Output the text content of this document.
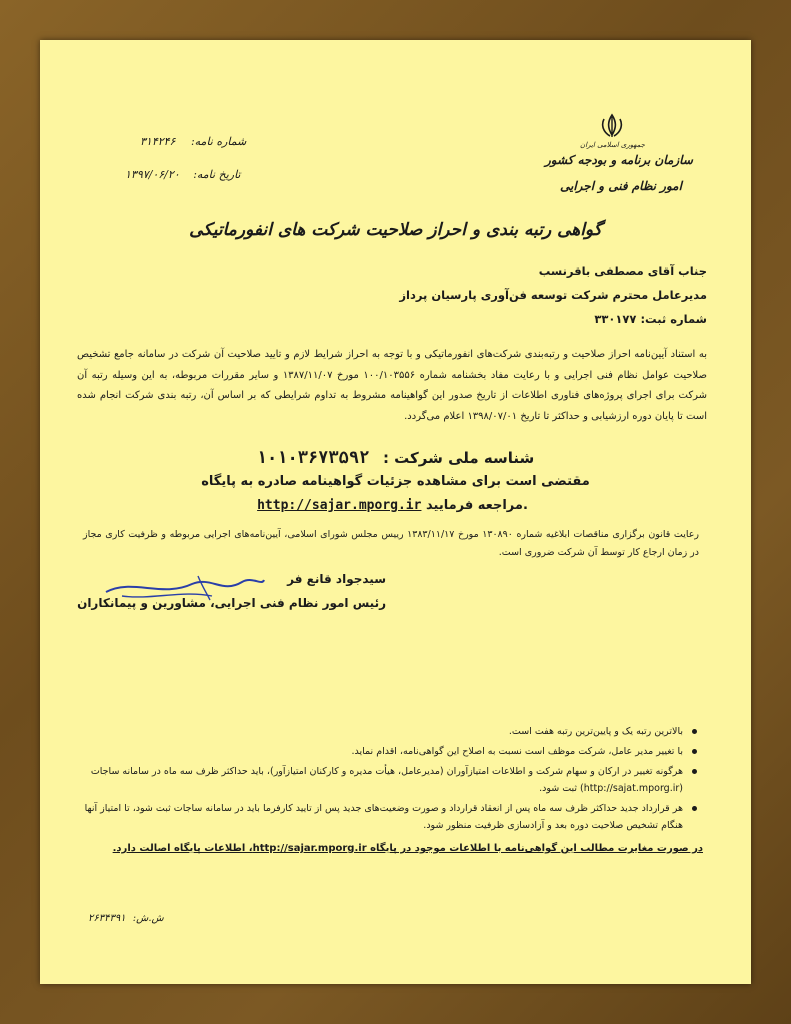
جمهوری اسلامی ایران
سازمان برنامه و بودجه کشور
امور نظام فنی و اجرایی
شماره نامه: ۳۱۴۲۴۶
تاریخ نامه: ۱۳۹۷/۰۶/۲۰
گواهی رتبه بندی و احراز صلاحیت شرکت های انفورماتیکی
جناب آقای مصطفی باقرنسب
مدیرعامل محترم شرکت توسعه فن‌آوری پارسیان پرداز
شماره ثبت: ۳۳۰۱۷۷
به استناد آیین‌نامه احراز صلاحیت و رتبه‌بندی شرکت‌های انفورماتیکی و با توجه به احراز شرایط لازم و تایید صلاحیت آن شرکت در سامانه جامع تشخیص صلاحیت عوامل نظام فنی اجرایی و با رعایت مفاد بخشنامه شماره ۱۰۰/۱۰۳۵۵۶ مورخ ۱۳۸۷/۱۱/۰۷ و سایر مقررات مربوطه، به این وسیله رتبه آن شرکت برای اجرای پروژه‌های فناوری اطلاعات از تاریخ صدور این گواهینامه مشروط به تداوم شرایطی که بر اساس آن، رتبه بندی شرکت انجام شده است تا پایان دوره ارزشیابی و حداکثر تا تاریخ ۱۳۹۸/۰۷/۰۱ اعلام می‌گردد.
شناسه ملی شرکت : ۱۰۱۰۳۶۷۳۵۹۲
مقتضی است برای مشاهده جزئیات گواهینامه صادره به پایگاه
http://sajar.mporg.ir مراجعه فرمایید.
رعایت قانون برگزاری مناقصات ابلاغیه شماره ۱۳۰۸۹۰ مورخ ۱۳۸۳/۱۱/۱۷ رییس مجلس شورای اسلامی، آیین‌نامه‌های اجرایی مربوطه و ظرفیت کاری مجاز در زمان ارجاع کار توسط آن شرکت ضروری است.
سیدجواد قانع فر
رئیس امور نظام فنی اجرایی، مشاورین و پیمانکاران
بالاترین رتبه یک و پایین‌ترین رتبه هفت است.
با تغییر مدیر عامل، شرکت موظف است نسبت به اصلاح این گواهی‌نامه، اقدام نماید.
هرگونه تغییر در ارکان و سهام شرکت و اطلاعات امتیازآوران (مدیرعامل، هیأت مدیره و کارکنان امتیازآور)، باید حداکثر ظرف سه ماه در سامانه ساجات (http://sajat.mporg.ir) ثبت شود.
هر قرارداد جدید حداکثر ظرف سه ماه پس از انعقاد قرارداد و صورت وضعیت‌های جدید پس از تایید کارفرما باید در سامانه ساجات ثبت شود، تا امتیاز آنها هنگام تشخیص صلاحیت دوره بعد و آزادسازی ظرفیت منظور شود.
در صورت مغایرت مطالب این گواهی‌نامه با اطلاعات موجود در پایگاه http://sajar.mporg.ir، اطلاعات پایگاه اصالت دارد.
ش.ش: ۲۶۳۴۳۹۱
